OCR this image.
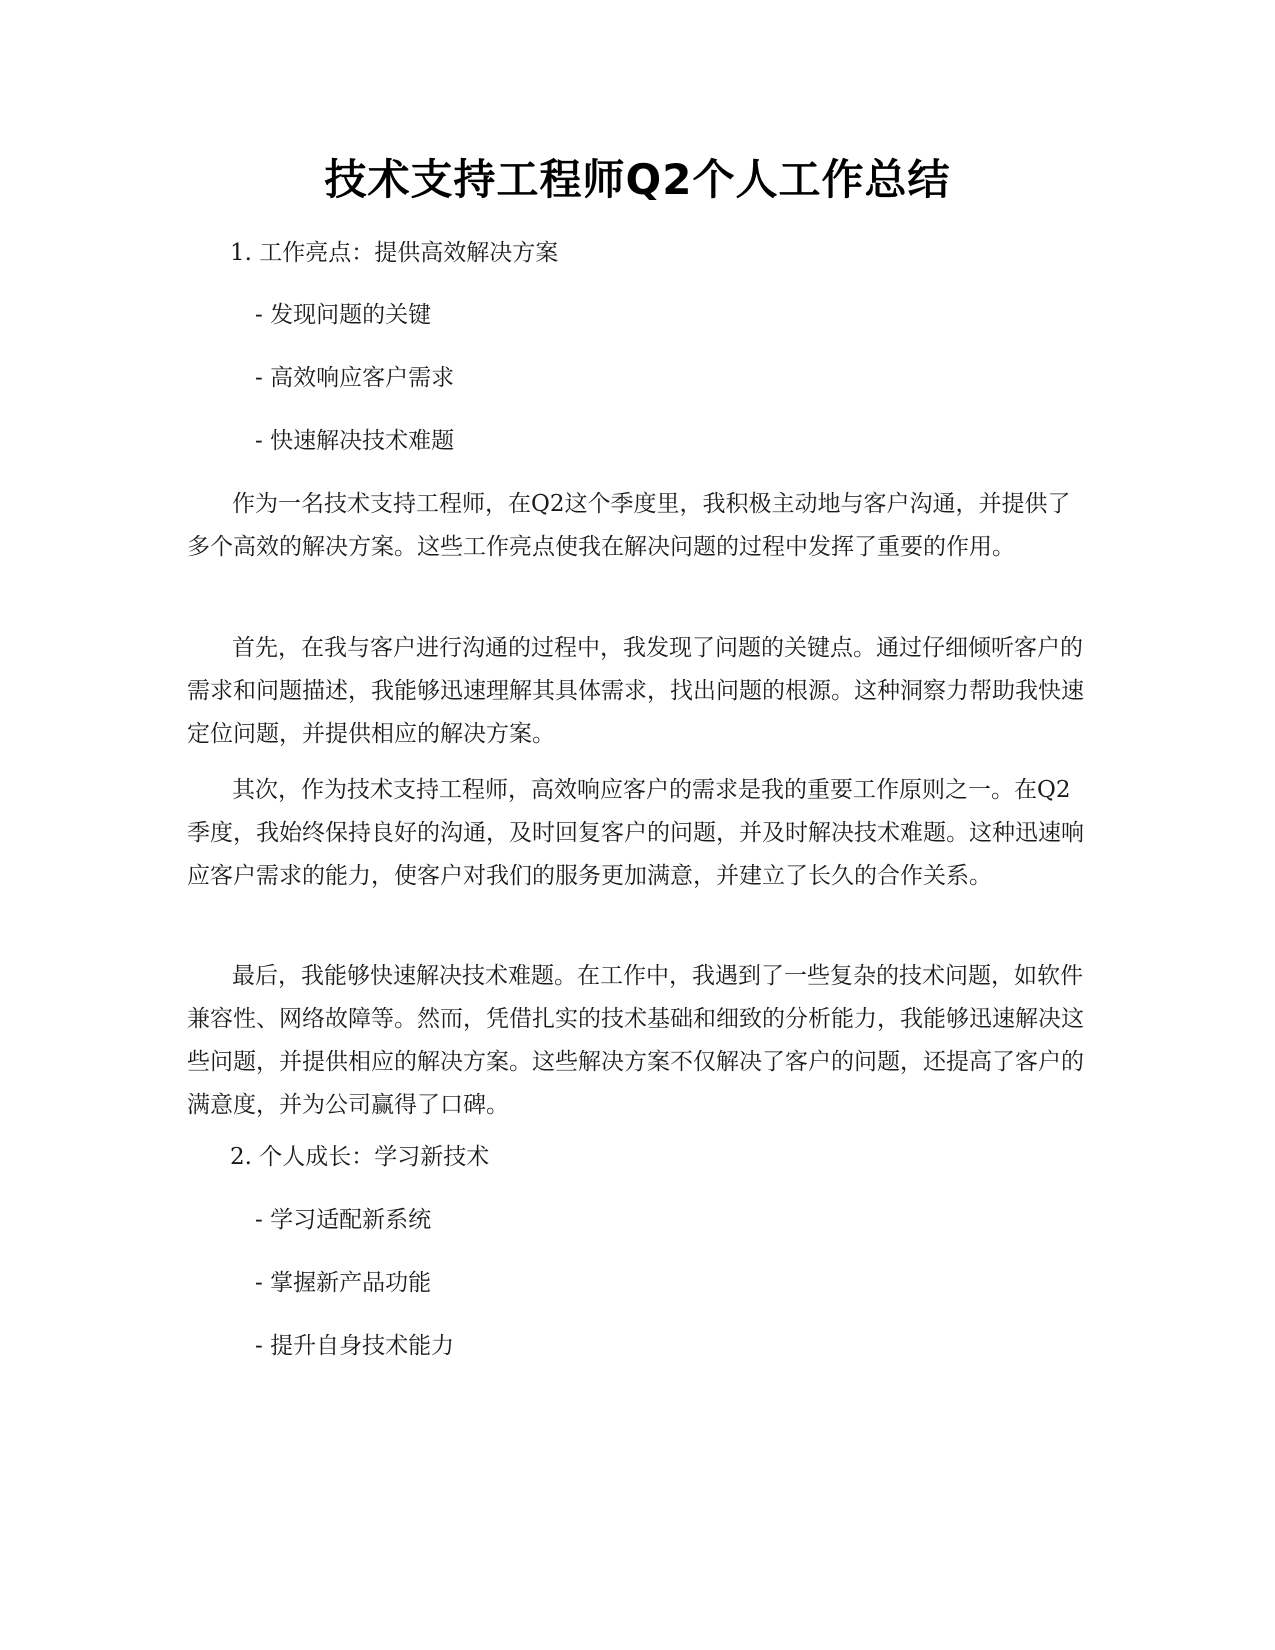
技术支持工程师Q2个人工作总结
1. 工作亮点：提供高效解决方案
- 发现问题的关键
- 高效响应客户需求
- 快速解决技术难题

作为一名技术支持工程师，在Q2这个季度里，我积极主动地与客户沟通，并提供了多个高效的解决方案。这些工作亮点使我在解决问题的过程中发挥了重要的作用。

首先，在我与客户进行沟通的过程中，我发现了问题的关键点。通过仔细倾听客户的需求和问题描述，我能够迅速理解其具体需求，找出问题的根源。这种洞察力帮助我快速定位问题，并提供相应的解决方案。

其次，作为技术支持工程师，高效响应客户的需求是我的重要工作原则之一。在Q2季度，我始终保持良好的沟通，及时回复客户的问题，并及时解决技术难题。这种迅速响应客户需求的能力，使客户对我们的服务更加满意，并建立了长久的合作关系。

最后，我能够快速解决技术难题。在工作中，我遇到了一些复杂的技术问题，如软件兼容性、网络故障等。然而，凭借扎实的技术基础和细致的分析能力，我能够迅速解决这些问题，并提供相应的解决方案。这些解决方案不仅解决了客户的问题，还提高了客户的满意度，并为公司赢得了口碑。

2. 个人成长：学习新技术
- 学习适配新系统
- 掌握新产品功能
- 提升自身技术能力
